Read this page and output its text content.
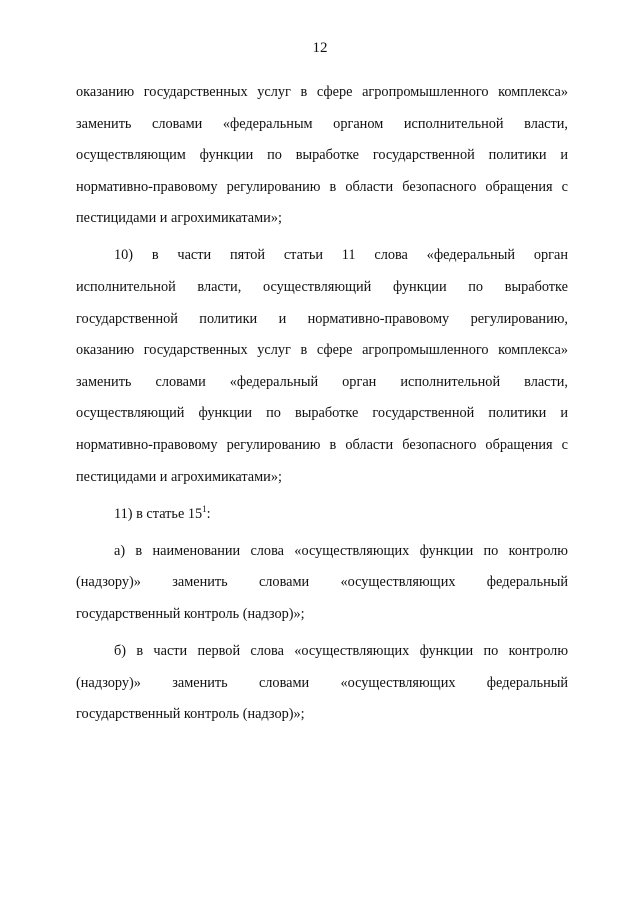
12
оказанию государственных услуг в сфере агропромышленного комплекса»
заменить словами «федеральным органом исполнительной власти,
осуществляющим функции по выработке государственной политики и
нормативно-правовому регулированию в области безопасного обращения с
пестицидами и агрохимикатами»;
10) в части пятой статьи 11 слова «федеральный орган
исполнительной власти, осуществляющий функции по выработке
государственной политики и нормативно-правовому регулированию,
оказанию государственных услуг в сфере агропромышленного комплекса»
заменить словами «федеральный орган исполнительной власти,
осуществляющий функции по выработке государственной политики и
нормативно-правовому регулированию в области безопасного обращения с
пестицидами и агрохимикатами»;
11) в статье $15^1$:
а) в наименовании слова «осуществляющих функции по контролю
(надзору)» заменить словами «осуществляющих федеральный
государственный контроль (надзор)»;
б) в части первой слова «осуществляющих функции по контролю
(надзору)» заменить словами «осуществляющих федеральный
государственный контроль (надзор)»;
